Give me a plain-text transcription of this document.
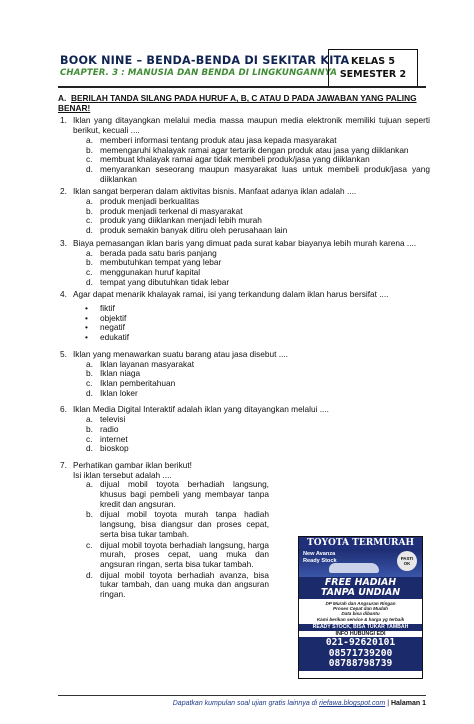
BOOK NINE – BENDA-BENDA DI SEKITAR KITA
CHAPTER. 3 : MANUSIA DAN BENDA DI LINGKUNGANNYA
KELAS 5
SEMESTER 2
A. BERILAH TANDA SILANG PADA HURUF A, B, C ATAU D PADA JAWABAN YANG PALING BENAR!
1. Iklan yang ditayangkan melalui media massa maupun media elektronik memiliki tujuan seperti berikut, kecuali ....
a. memberi informasi tentang produk atau jasa kepada masyarakat
b. memengaruhi khalayak ramai agar tertarik dengan produk atau jasa yang diiklankan
c. membuat khalayak ramai agar tidak membeli produk/jasa yang diiklankan
d. menyarankan seseorang maupun masyarakat luas untuk membeli produk/jasa yang diiklankan
2. Iklan sangat berperan dalam aktivitas bisnis. Manfaat adanya iklan adalah ....
a. produk menjadi berkualitas
b. produk menjadi terkenal di masyarakat
c. produk yang diiklankan menjadi lebih murah
d. produk semakin banyak ditiru oleh perusahaan lain
3. Biaya pemasangan iklan baris yang dimuat pada surat kabar biayanya lebih murah karena ....
a. berada pada satu baris panjang
b. membutuhkan tempat yang lebar
c. menggunakan huruf kapital
d. tempat yang dibutuhkan tidak lebar
4. Agar dapat menarik khalayak ramai, isi yang terkandung dalam iklan harus bersifat ....
• fiktif
• objektif
• negatif
• edukatif
5. Iklan yang menawarkan suatu barang atau jasa disebut ....
a. Iklan layanan masyarakat
b. Iklan niaga
c. Iklan pemberitahuan
d. Iklan loker
6. Iklan Media Digital Interaktif adalah iklan yang ditayangkan melalui ....
a. televisi
b. radio
c. internet
d. bioskop
7. Perhatikan gambar iklan berikut!
Isi iklan tersebut adalah ....
a. dijual mobil toyota berhadiah langsung, khusus bagi pembeli yang membayar tanpa kredit dan angsuran.
b. dijual mobil toyota murah tanpa hadiah langsung, bisa diangsur dan proses cepat, serta bisa tukar tambah.
c. dijual mobil toyota berhadiah langsung, harga murah, proses cepat, uang muka dan angsuran ringan, serta bisa tukar tambah.
d. dijual mobil toyota berhadiah avanza, bisa tukar tambah, dan uang muka dan angsuran ringan.
TOYOTA TERMURAH
New Avanza
Ready Stock	PASTI OK
FREE HADIAH
TANPA UNDIAN
DP Murah dan Angsuran Ringan
Proses Cepat dan Mudah
Data bisa dibantu
Kami berikan service & harga yg terbaik
READY STOCK, BISA TUKAR TAMBAH
INFO HUBUNGI EDI
021-92620101
08571739200
08788798739
Dapatkan kumpulan soal ujian gratis lainnya di riefawa.blogspot.com | Halaman 1
